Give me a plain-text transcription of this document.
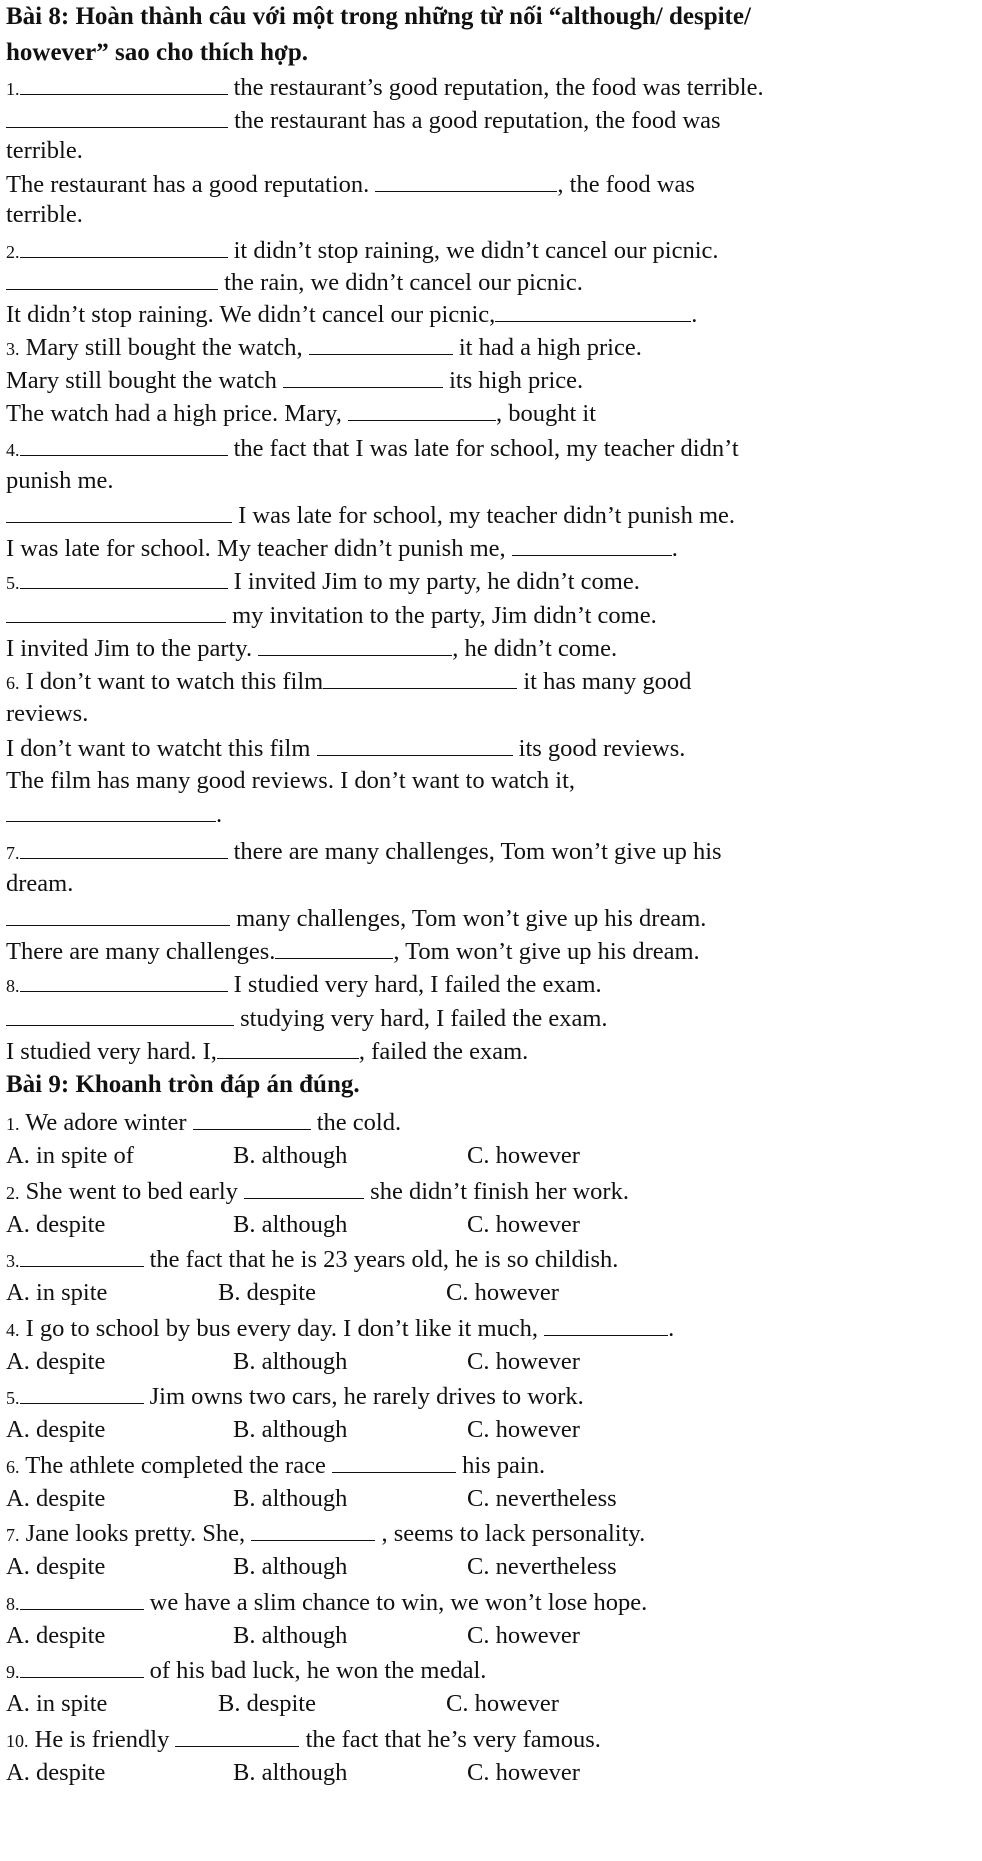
Bài 8: Hoàn thành câu với một trong những từ nối “although/ despite/
however” sao cho thích hợp.
1.	the restaurant’s good reputation, the food was terrible.
the restaurant has a good reputation, the food was
terrible.
The restaurant has a good reputation.	, the food was
terrible.
2.	it didn’t stop raining, we didn’t cancel our picnic.
the rain, we didn’t cancel our picnic.
It didn’t stop raining. We didn’t cancel our picnic,	.
3. Mary still bought the watch,	it had a high price.
Mary still bought the watch	its high price.
The watch had a high price. Mary,	, bought it
4.	the fact that I was late for school, my teacher didn’t
punish me.
I was late for school, my teacher didn’t punish me.
I was late for school. My teacher didn’t punish me,	.
5.	I invited Jim to my party, he didn’t come.
my invitation to the party, Jim didn’t come.
I invited Jim to the party.	, he didn’t come.
6. I don’t want to watch this film	it has many good
reviews.
I don’t want to watcht this film	its good reviews.
The film has many good reviews. I don’t want to watch it,
.
7.	there are many challenges, Tom won’t give up his
dream.
many challenges, Tom won’t give up his dream.
There are many challenges.	, Tom won’t give up his dream.
8.	I studied very hard, I failed the exam.
studying very hard, I failed the exam.
I studied very hard. I,	, failed the exam.
Bài 9: Khoanh tròn đáp án đúng.
1. We adore winter	the cold.
A. in spite of	B. although	C. however
2. She went to bed early	she didn’t finish her work.
A. despite	B. although	C. however
3.	the fact that he is 23 years old, he is so childish.
A. in spite	B. despite	C. however
4. I go to school by bus every day. I don’t like it much,	.
A. despite	B. although	C. however
5.	Jim owns two cars, he rarely drives to work.
A. despite	B. although	C. however
6. The athlete completed the race	his pain.
A. despite	B. although	C. nevertheless
7. Jane looks pretty. She,	, seems to lack personality.
A. despite	B. although	C. nevertheless
8.	we have a slim chance to win, we won’t lose hope.
A. despite	B. although	C. however
9.	of his bad luck, he won the medal.
A. in spite	B. despite	C. however
10. He is friendly	the fact that he’s very famous.
A. despite	B. although	C. however
